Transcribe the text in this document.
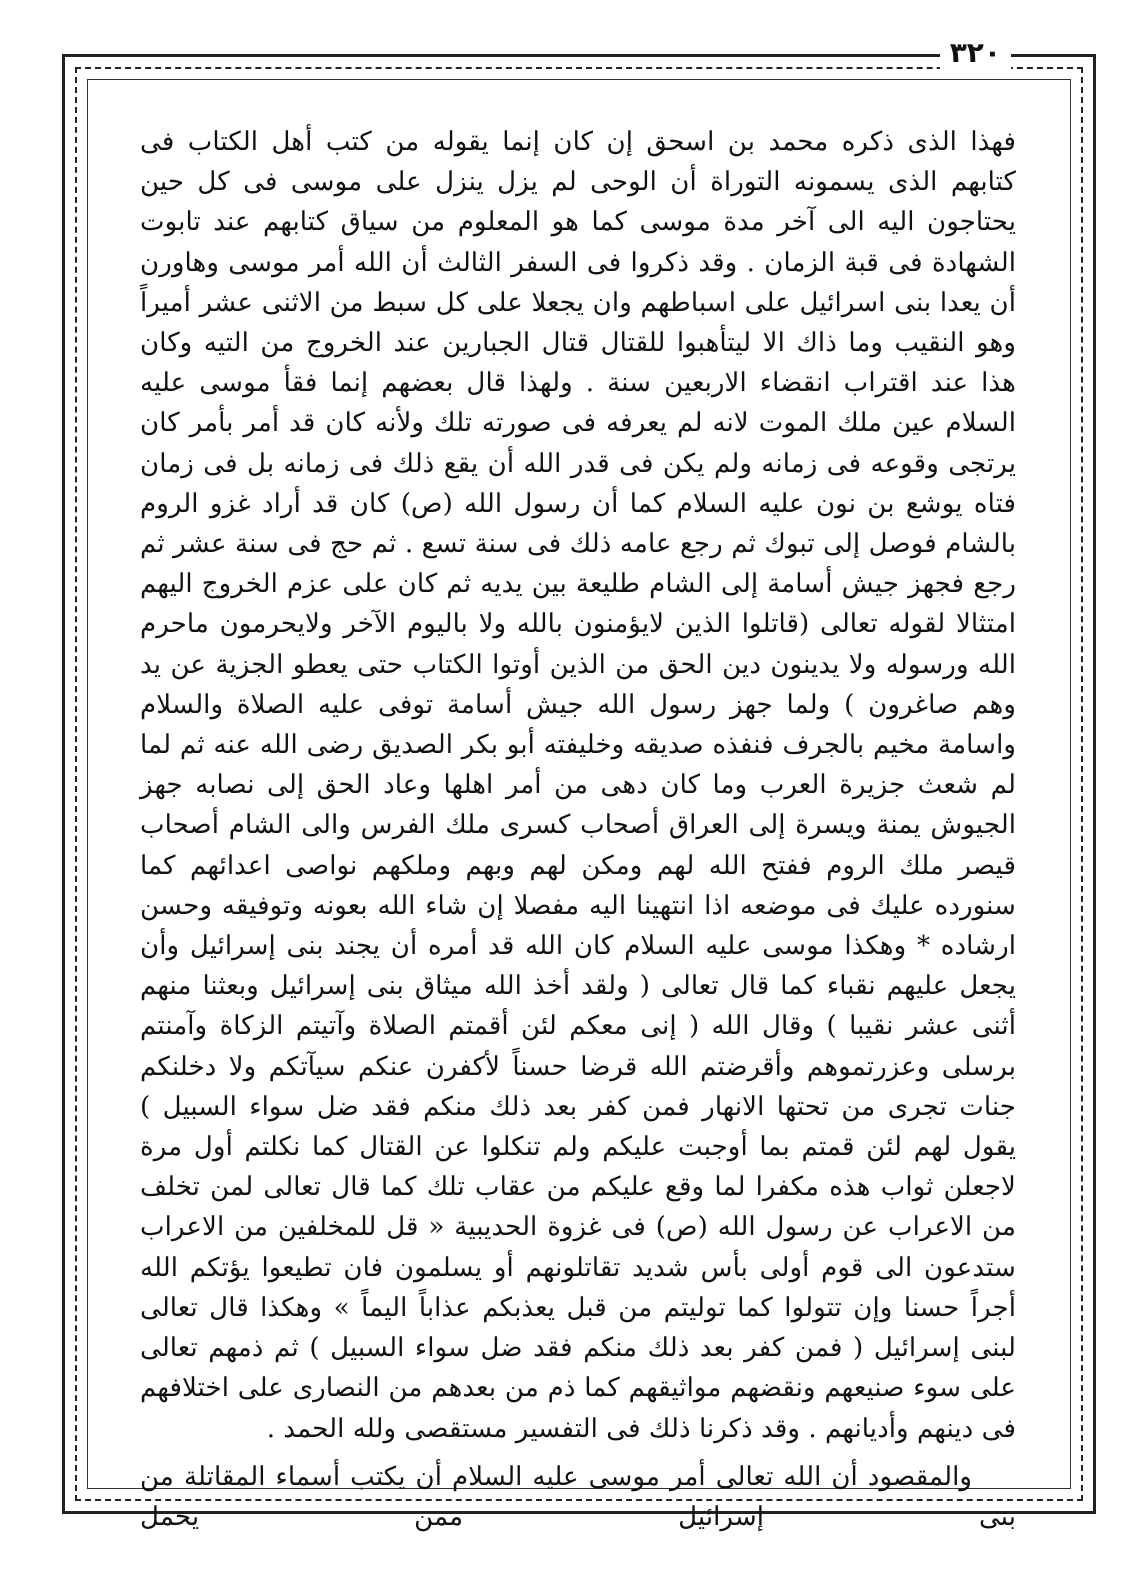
٣٢٠

فهذا الذى ذكره محمد بن اسحق إن كان إنما يقوله من كتب أهل الكتاب فى كتابهم الذى يسمونه التوراة أن الوحى لم يزل ينزل على موسى فى كل حين يحتاجون اليه الى آخر مدة موسى كما هو المعلوم من سياق كتابهم عند تابوت الشهادة فى قبة الزمان . وقد ذكروا فى السفر الثالث أن الله أمر موسى وهاورن أن يعدا بنى اسرائيل على اسباطهم وان يجعلا على كل سبط من الاثنى عشر أميراً وهو النقيب وما ذاك الا ليتأهبوا للقتال قتال الجبارين عند الخروج من التيه وكان هذا عند اقتراب انقضاء الاربعين سنة . ولهذا قال بعضهم إنما فقأ موسى عليه السلام عين ملك الموت لانه لم يعرفه فى صورته تلك ولأنه كان قد أمر بأمر كان يرتجى وقوعه فى زمانه ولم يكن فى قدر الله أن يقع ذلك فى زمانه بل فى زمان فتاه يوشع بن نون عليه السلام كما أن رسول الله (ص) كان قد أراد غزو الروم بالشام فوصل إلى تبوك ثم رجع عامه ذلك فى سنة تسع . ثم حج فى سنة عشر ثم رجع فجهز جيش أسامة إلى الشام طليعة بين يديه ثم كان على عزم الخروج اليهم امتثالا لقوله تعالى (قاتلوا الذين لايؤمنون بالله ولا باليوم الآخر ولايحرمون ماحرم الله ورسوله ولا يدينون دين الحق من الذين أوتوا الكتاب حتى يعطو الجزية عن يد وهم صاغرون ) ولما جهز رسول الله جيش أسامة توفى عليه الصلاة والسلام واسامة مخيم بالجرف فنفذه صديقه وخليفته أبو بكر الصديق رضى الله عنه ثم لما لم شعث جزيرة العرب وما كان دهى من أمر اهلها وعاد الحق إلى نصابه جهز الجيوش يمنة ويسرة إلى العراق أصحاب كسرى ملك الفرس والى الشام أصحاب قيصر ملك الروم ففتح الله لهم ومكن لهم وبهم وملكهم نواصى اعدائهم كما سنورده عليك فى موضعه اذا انتهينا اليه مفصلا إن شاء الله بعونه وتوفيقه وحسن ارشاده * وهكذا موسى عليه السلام كان الله قد أمره أن يجند بنى إسرائيل وأن يجعل عليهم نقباء كما قال تعالى ( ولقد أخذ الله ميثاق بنى إسرائيل وبعثنا منهم أثنى عشر نقيبا ) وقال الله ( إنى معكم لئن أقمتم الصلاة وآتيتم الزكاة وآمنتم برسلى وعزرتموهم وأقرضتم الله قرضا حسناً لأكفرن عنكم سيآتكم ولا دخلنكم جنات تجرى من تحتها الانهار فمن كفر بعد ذلك منكم فقد ضل سواء السبيل ) يقول لهم لئن قمتم بما أوجبت عليكم ولم تنكلوا عن القتال كما نكلتم أول مرة لاجعلن ثواب هذه مكفرا لما وقع عليكم من عقاب تلك كما قال تعالى لمن تخلف من الاعراب عن رسول الله (ص) فى غزوة الحديبية « قل للمخلفين من الاعراب ستدعون الى قوم أولى بأس شديد تقاتلونهم أو يسلمون فان تطيعوا يؤتكم الله أجراً حسنا وإن تتولوا كما توليتم من قبل يعذبكم عذاباً اليماً » وهكذا قال تعالى لبنى إسرائيل ( فمن كفر بعد ذلك منكم فقد ضل سواء السبيل ) ثم ذمهم تعالى على سوء صنيعهم ونقضهم مواثيقهم كما ذم من بعدهم من النصارى على اختلافهم فى دينهم وأديانهم . وقد ذكرنا ذلك فى التفسير مستقصى ولله الحمد .

والمقصود أن الله تعالى أمر موسى عليه السلام أن يكتب أسماء المقاتلة من بنى إسرائيل ممن يحمل
